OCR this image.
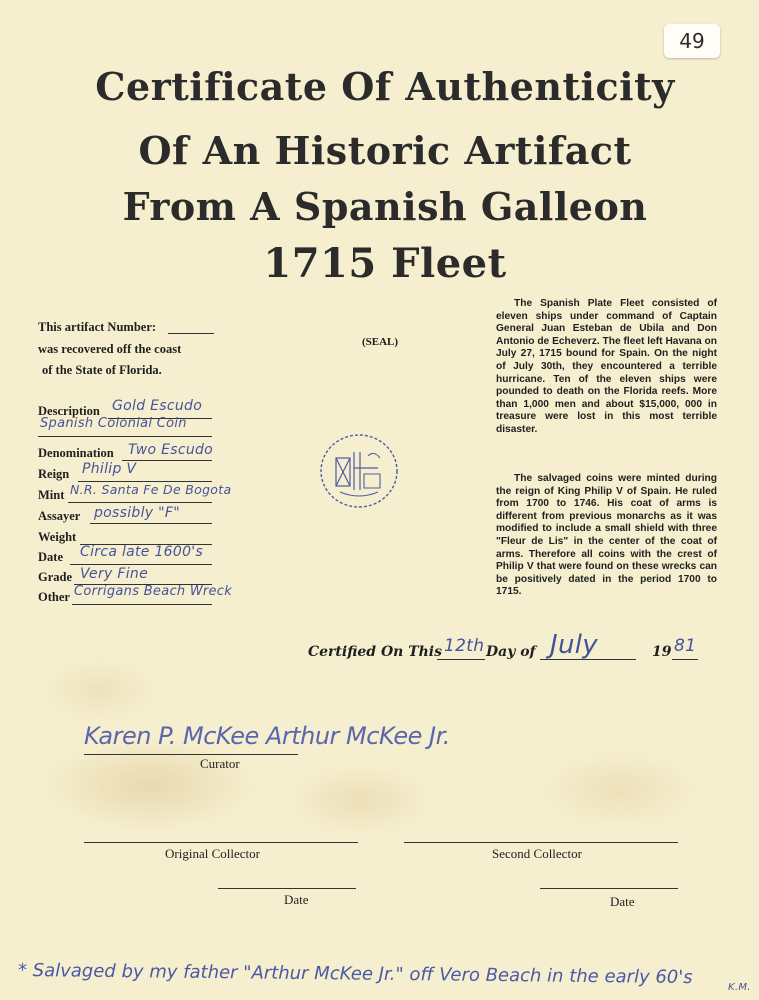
49
Certificate Of Authenticity
Of An Historic Artifact
From A Spanish Galleon
1715 Fleet
This artifact Number:
was recovered off the coast
of the State of Florida.
(SEAL)
Description Gold Escudo
Spanish Colonial Coin
Denomination Two Escudo
Reign Philip V
Mint N.R. Santa Fe De Bogota
Assayer possibly "F"
Weight
Date Circa late 1600's
Grade Very Fine
Other Corrigans Beach Wreck
The Spanish Plate Fleet consisted of eleven ships under command of Captain General Juan Esteban de Ubila and Don Antonio de Echeverz. The fleet left Havana on July 27, 1715 bound for Spain. On the night of July 30th, they encountered a terrible hurricane. Ten of the eleven ships were pounded to death on the Florida reefs. More than 1,000 men and about $15,000, 000 in treasure were lost in this most terrible disaster.
The salvaged coins were minted during the reign of King Philip V of Spain. He ruled from 1700 to 1746. His coat of arms is different from previous monarchs as it was modified to include a small shield with three "Fleur de Lis" in the center of the coat of arms. Therefore all coins with the crest of Philip V that were found on these wrecks can be positively dated in the period 1700 to 1715.
Certified On This 12th Day of July	19 81
Karen P. McKee Arthur McKee Jr.
Curator
Original Collector	Second Collector
Date	Date
* Salvaged by my father "Arthur McKee Jr." off Vero Beach in the early 60's	K.M.
